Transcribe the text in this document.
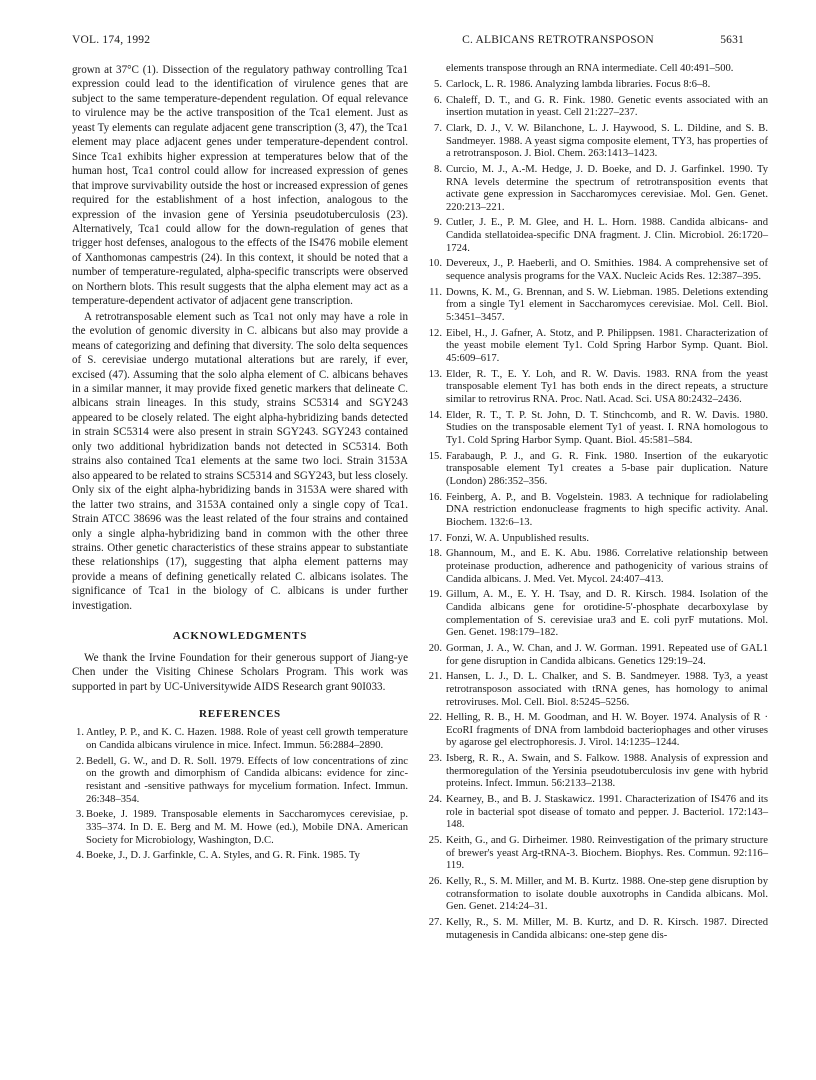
VOL. 174, 1992	C. ALBICANS RETROTRANSPOSON	5631

grown at 37°C (1). Dissection of the regulatory pathway controlling Tca1 expression could lead to the identification of virulence genes that are subject to the same temperature-dependent regulation. Of equal relevance to virulence may be the active transposition of the Tca1 element. Just as yeast Ty elements can regulate adjacent gene transcription (3, 47), the Tca1 element may place adjacent genes under temperature-dependent control. Since Tca1 exhibits higher expression at temperatures below that of the human host, Tca1 control could allow for increased expression of genes that improve survivability outside the host or increased expression of genes required for the establishment of a host infection, analogous to the expression of the invasion gene of Yersinia pseudotuberculosis (23). Alternatively, Tca1 could allow for the down-regulation of genes that trigger host defenses, analogous to the effects of the IS476 mobile element of Xanthomonas campestris (24). In this context, it should be noted that a number of temperature-regulated, alpha-specific transcripts were observed on Northern blots. This result suggests that the alpha element may act as a temperature-dependent activator of adjacent gene transcription.

A retrotransposable element such as Tca1 not only may have a role in the evolution of genomic diversity in C. albicans but also may provide a means of categorizing and defining that diversity. The solo delta sequences of S. cerevisiae undergo mutational alterations but are rarely, if ever, excised (47). Assuming that the solo alpha element of C. albicans behaves in a similar manner, it may provide fixed genetic markers that delineate C. albicans strain lineages. In this study, strains SC5314 and SGY243 appeared to be closely related. The eight alpha-hybridizing bands detected in strain SC5314 were also present in strain SGY243. SGY243 contained only two additional hybridization bands not detected in SC5314. Both strains also contained Tca1 elements at the same two loci. Strain 3153A also appeared to be related to strains SC5314 and SGY243, but less closely. Only six of the eight alpha-hybridizing bands in 3153A were shared with the latter two strains, and 3153A contained only a single copy of Tca1. Strain ATCC 38696 was the least related of the four strains and contained only a single alpha-hybridizing band in common with the other three strains. Other genetic characteristics of these strains appear to substantiate these relationships (17), suggesting that alpha element patterns may provide a means of defining genetically related C. albicans isolates. The significance of Tca1 in the biology of C. albicans is under further investigation.

ACKNOWLEDGMENTS

We thank the Irvine Foundation for their generous support of Jiang-ye Chen under the Visiting Chinese Scholars Program. This work was supported in part by UC-Universitywide AIDS Research grant 90I033.

REFERENCES
1. Antley, P. P., and K. C. Hazen. 1988. Role of yeast cell growth temperature on Candida albicans virulence in mice. Infect. Immun. 56:2884–2890.
2. Bedell, G. W., and D. R. Soll. 1979. Effects of low concentrations of zinc on the growth and dimorphism of Candida albicans: evidence for zinc-resistant and -sensitive pathways for mycelium formation. Infect. Immun. 26:348–354.
3. Boeke, J. 1989. Transposable elements in Saccharomyces cerevisiae, p. 335–374. In D. E. Berg and M. M. Howe (ed.), Mobile DNA. American Society for Microbiology, Washington, D.C.
4. Boeke, J., D. J. Garfinkle, C. A. Styles, and G. R. Fink. 1985. Ty
elements transpose through an RNA intermediate. Cell 40:491–500.
5. Carlock, L. R. 1986. Analyzing lambda libraries. Focus 8:6–8.
6. Chaleff, D. T., and G. R. Fink. 1980. Genetic events associated with an insertion mutation in yeast. Cell 21:227–237.
7. Clark, D. J., V. W. Bilanchone, L. J. Haywood, S. L. Dildine, and S. B. Sandmeyer. 1988. A yeast sigma composite element, TY3, has properties of a retrotransposon. J. Biol. Chem. 263:1413–1423.
8. Curcio, M. J., A.-M. Hedge, J. D. Boeke, and D. J. Garfinkel. 1990. Ty RNA levels determine the spectrum of retrotransposition events that activate gene expression in Saccharomyces cerevisiae. Mol. Gen. Genet. 220:213–221.
9. Cutler, J. E., P. M. Glee, and H. L. Horn. 1988. Candida albicans- and Candida stellatoidea-specific DNA fragment. J. Clin. Microbiol. 26:1720–1724.
10. Devereux, J., P. Haeberli, and O. Smithies. 1984. A comprehensive set of sequence analysis programs for the VAX. Nucleic Acids Res. 12:387–395.
11. Downs, K. M., G. Brennan, and S. W. Liebman. 1985. Deletions extending from a single Ty1 element in Saccharomyces cerevisiae. Mol. Cell. Biol. 5:3451–3457.
12. Eibel, H., J. Gafner, A. Stotz, and P. Philippsen. 1981. Characterization of the yeast mobile element Ty1. Cold Spring Harbor Symp. Quant. Biol. 45:609–617.
13. Elder, R. T., E. Y. Loh, and R. W. Davis. 1983. RNA from the yeast transposable element Ty1 has both ends in the direct repeats, a structure similar to retrovirus RNA. Proc. Natl. Acad. Sci. USA 80:2432–2436.
14. Elder, R. T., T. P. St. John, D. T. Stinchcomb, and R. W. Davis. 1980. Studies on the transposable element Ty1 of yeast. I. RNA homologous to Ty1. Cold Spring Harbor Symp. Quant. Biol. 45:581–584.
15. Farabaugh, P. J., and G. R. Fink. 1980. Insertion of the eukaryotic transposable element Ty1 creates a 5-base pair duplication. Nature (London) 286:352–356.
16. Feinberg, A. P., and B. Vogelstein. 1983. A technique for radiolabeling DNA restriction endonuclease fragments to high specific activity. Anal. Biochem. 132:6–13.
17. Fonzi, W. A. Unpublished results.
18. Ghannoum, M., and E. K. Abu. 1986. Correlative relationship between proteinase production, adherence and pathogenicity of various strains of Candida albicans. J. Med. Vet. Mycol. 24:407–413.
19. Gillum, A. M., E. Y. H. Tsay, and D. R. Kirsch. 1984. Isolation of the Candida albicans gene for orotidine-5'-phosphate decarboxylase by complementation of S. cerevisiae ura3 and E. coli pyrF mutations. Mol. Gen. Genet. 198:179–182.
20. Gorman, J. A., W. Chan, and J. W. Gorman. 1991. Repeated use of GAL1 for gene disruption in Candida albicans. Genetics 129:19–24.
21. Hansen, L. J., D. L. Chalker, and S. B. Sandmeyer. 1988. Ty3, a yeast retrotransposon associated with tRNA genes, has homology to animal retroviruses. Mol. Cell. Biol. 8:5245–5256.
22. Helling, R. B., H. M. Goodman, and H. W. Boyer. 1974. Analysis of R · EcoRI fragments of DNA from lambdoid bacteriophages and other viruses by agarose gel electrophoresis. J. Virol. 14:1235–1244.
23. Isberg, R. R., A. Swain, and S. Falkow. 1988. Analysis of expression and thermoregulation of the Yersinia pseudotuberculosis inv gene with hybrid proteins. Infect. Immun. 56:2133–2138.
24. Kearney, B., and B. J. Staskawicz. 1991. Characterization of IS476 and its role in bacterial spot disease of tomato and pepper. J. Bacteriol. 172:143–148.
25. Keith, G., and G. Dirheimer. 1980. Reinvestigation of the primary structure of brewer's yeast Arg-tRNA-3. Biochem. Biophys. Res. Commun. 92:116–119.
26. Kelly, R., S. M. Miller, and M. B. Kurtz. 1988. One-step gene disruption by cotransformation to isolate double auxotrophs in Candida albicans. Mol. Gen. Genet. 214:24–31.
27. Kelly, R., S. M. Miller, M. B. Kurtz, and D. R. Kirsch. 1987. Directed mutagenesis in Candida albicans: one-step gene dis-
